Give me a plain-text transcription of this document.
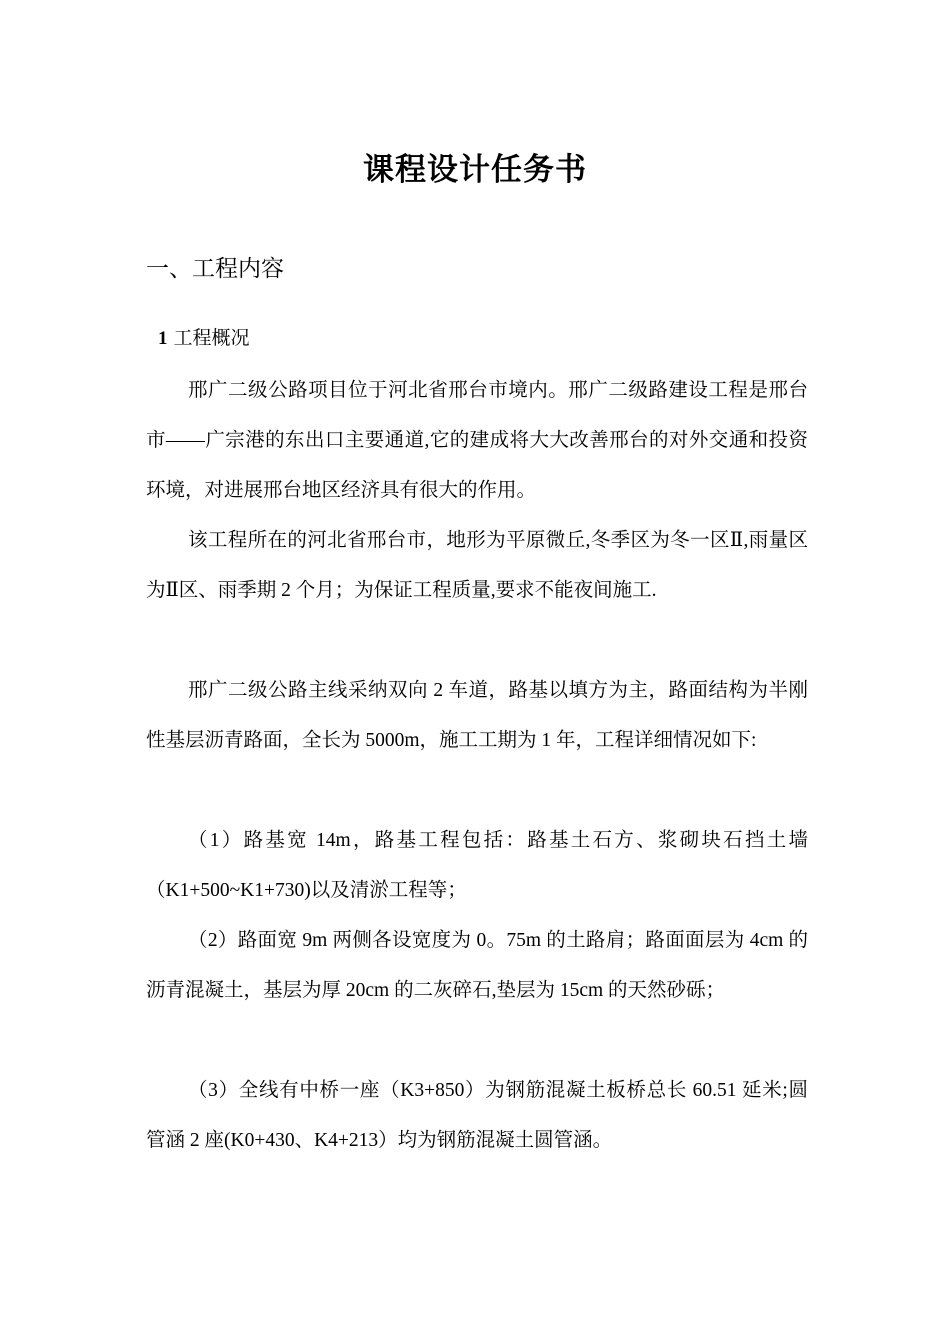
课程设计任务书
一、工程内容
1 工程概况

邢广二级公路项目位于河北省邢台市境内。邢广二级路建设工程是邢台市——广宗港的东出口主要通道,它的建成将大大改善邢台的对外交通和投资环境，对进展邢台地区经济具有很大的作用。

该工程所在的河北省邢台市，地形为平原微丘,冬季区为冬一区Ⅱ,雨量区为Ⅱ区、雨季期 2 个月；为保证工程质量,要求不能夜间施工.

邢广二级公路主线采纳双向 2 车道，路基以填方为主，路面结构为半刚性基层沥青路面，全长为 5000m，施工工期为 1 年，工程详细情况如下:

（1）路基宽 14m，路基工程包括：路基土石方、浆砌块石挡土墙（K1+500~K1+730)以及清淤工程等；

（2）路面宽 9m 两侧各设宽度为 0。75m 的土路肩；路面面层为 4cm 的沥青混凝土，基层为厚 20cm 的二灰碎石,垫层为 15cm 的天然砂砾；

（3）全线有中桥一座（K3+850）为钢筋混凝土板桥总长 60.51 延米;圆管涵 2 座(K0+430、K4+213）均为钢筋混凝土圆管涵。
